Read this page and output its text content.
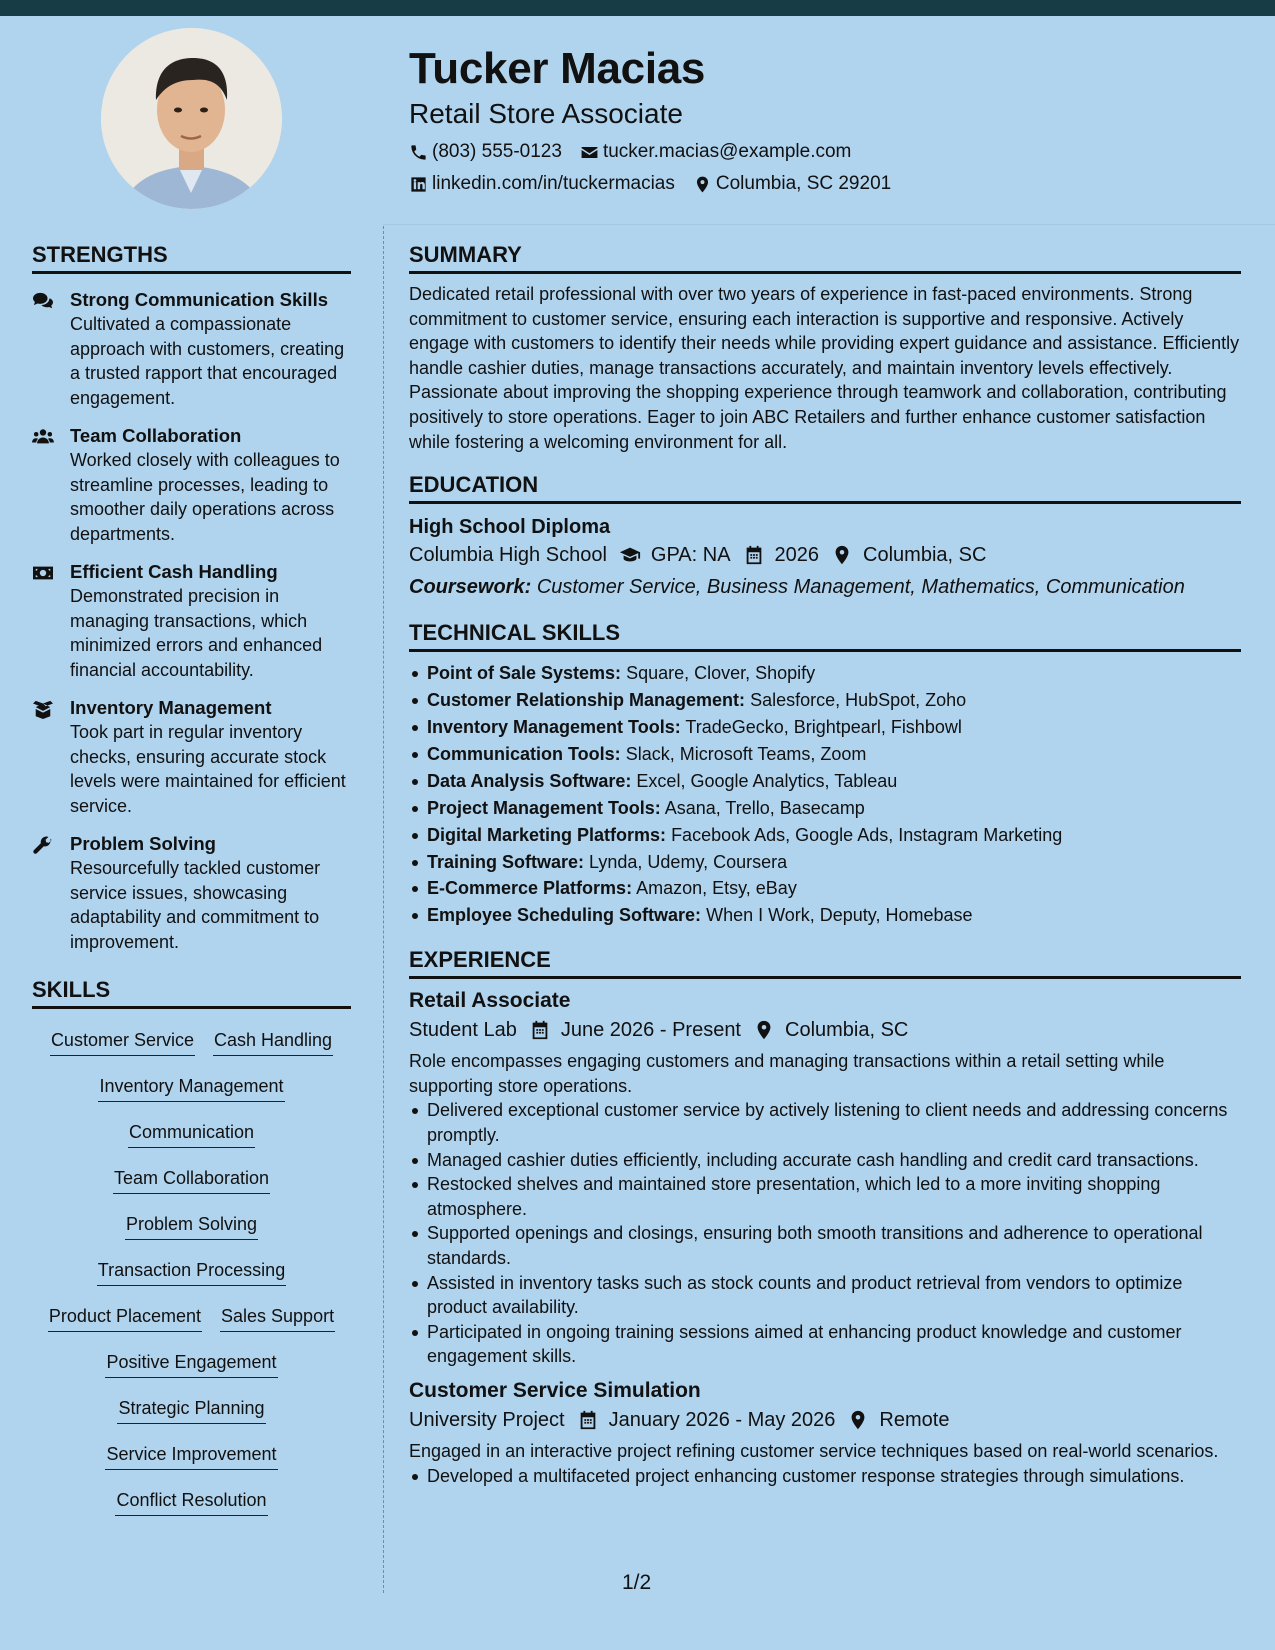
Tucker Macias
Retail Store Associate
(803) 555-0123 tucker.macias@example.com
linkedin.com/in/tuckermacias Columbia, SC 29201
STRENGTHS
Strong Communication Skills
Cultivated a compassionate approach with customers, creating a trusted rapport that encouraged engagement.
Team Collaboration
Worked closely with colleagues to streamline processes, leading to smoother daily operations across departments.
Efficient Cash Handling
Demonstrated precision in managing transactions, which minimized errors and enhanced financial accountability.
Inventory Management
Took part in regular inventory checks, ensuring accurate stock levels were maintained for efficient service.
Problem Solving
Resourcefully tackled customer service issues, showcasing adaptability and commitment to improvement.
SKILLS
Customer Service Cash Handling
Inventory Management
Communication
Team Collaboration
Problem Solving
Transaction Processing
Product Placement Sales Support
Positive Engagement
Strategic Planning
Service Improvement
Conflict Resolution
SUMMARY
Dedicated retail professional with over two years of experience in fast-paced environments. Strong commitment to customer service, ensuring each interaction is supportive and responsive. Actively engage with customers to identify their needs while providing expert guidance and assistance. Efficiently handle cashier duties, manage transactions accurately, and maintain inventory levels effectively. Passionate about improving the shopping experience through teamwork and collaboration, contributing positively to store operations. Eager to join ABC Retailers and further enhance customer satisfaction while fostering a welcoming environment for all.
EDUCATION
High School Diploma
Columbia High School GPA: NA 2026 Columbia, SC
Coursework: Customer Service, Business Management, Mathematics, Communication
TECHNICAL SKILLS
Point of Sale Systems: Square, Clover, Shopify
Customer Relationship Management: Salesforce, HubSpot, Zoho
Inventory Management Tools: TradeGecko, Brightpearl, Fishbowl
Communication Tools: Slack, Microsoft Teams, Zoom
Data Analysis Software: Excel, Google Analytics, Tableau
Project Management Tools: Asana, Trello, Basecamp
Digital Marketing Platforms: Facebook Ads, Google Ads, Instagram Marketing
Training Software: Lynda, Udemy, Coursera
E-Commerce Platforms: Amazon, Etsy, eBay
Employee Scheduling Software: When I Work, Deputy, Homebase
EXPERIENCE
Retail Associate
Student Lab June 2026 - Present Columbia, SC
Role encompasses engaging customers and managing transactions within a retail setting while supporting store operations.
Delivered exceptional customer service by actively listening to client needs and addressing concerns promptly.
Managed cashier duties efficiently, including accurate cash handling and credit card transactions.
Restocked shelves and maintained store presentation, which led to a more inviting shopping atmosphere.
Supported openings and closings, ensuring both smooth transitions and adherence to operational standards.
Assisted in inventory tasks such as stock counts and product retrieval from vendors to optimize product availability.
Participated in ongoing training sessions aimed at enhancing product knowledge and customer engagement skills.
Customer Service Simulation
University Project January 2026 - May 2026 Remote
Engaged in an interactive project refining customer service techniques based on real-world scenarios.
Developed a multifaceted project enhancing customer response strategies through simulations.
1/2
